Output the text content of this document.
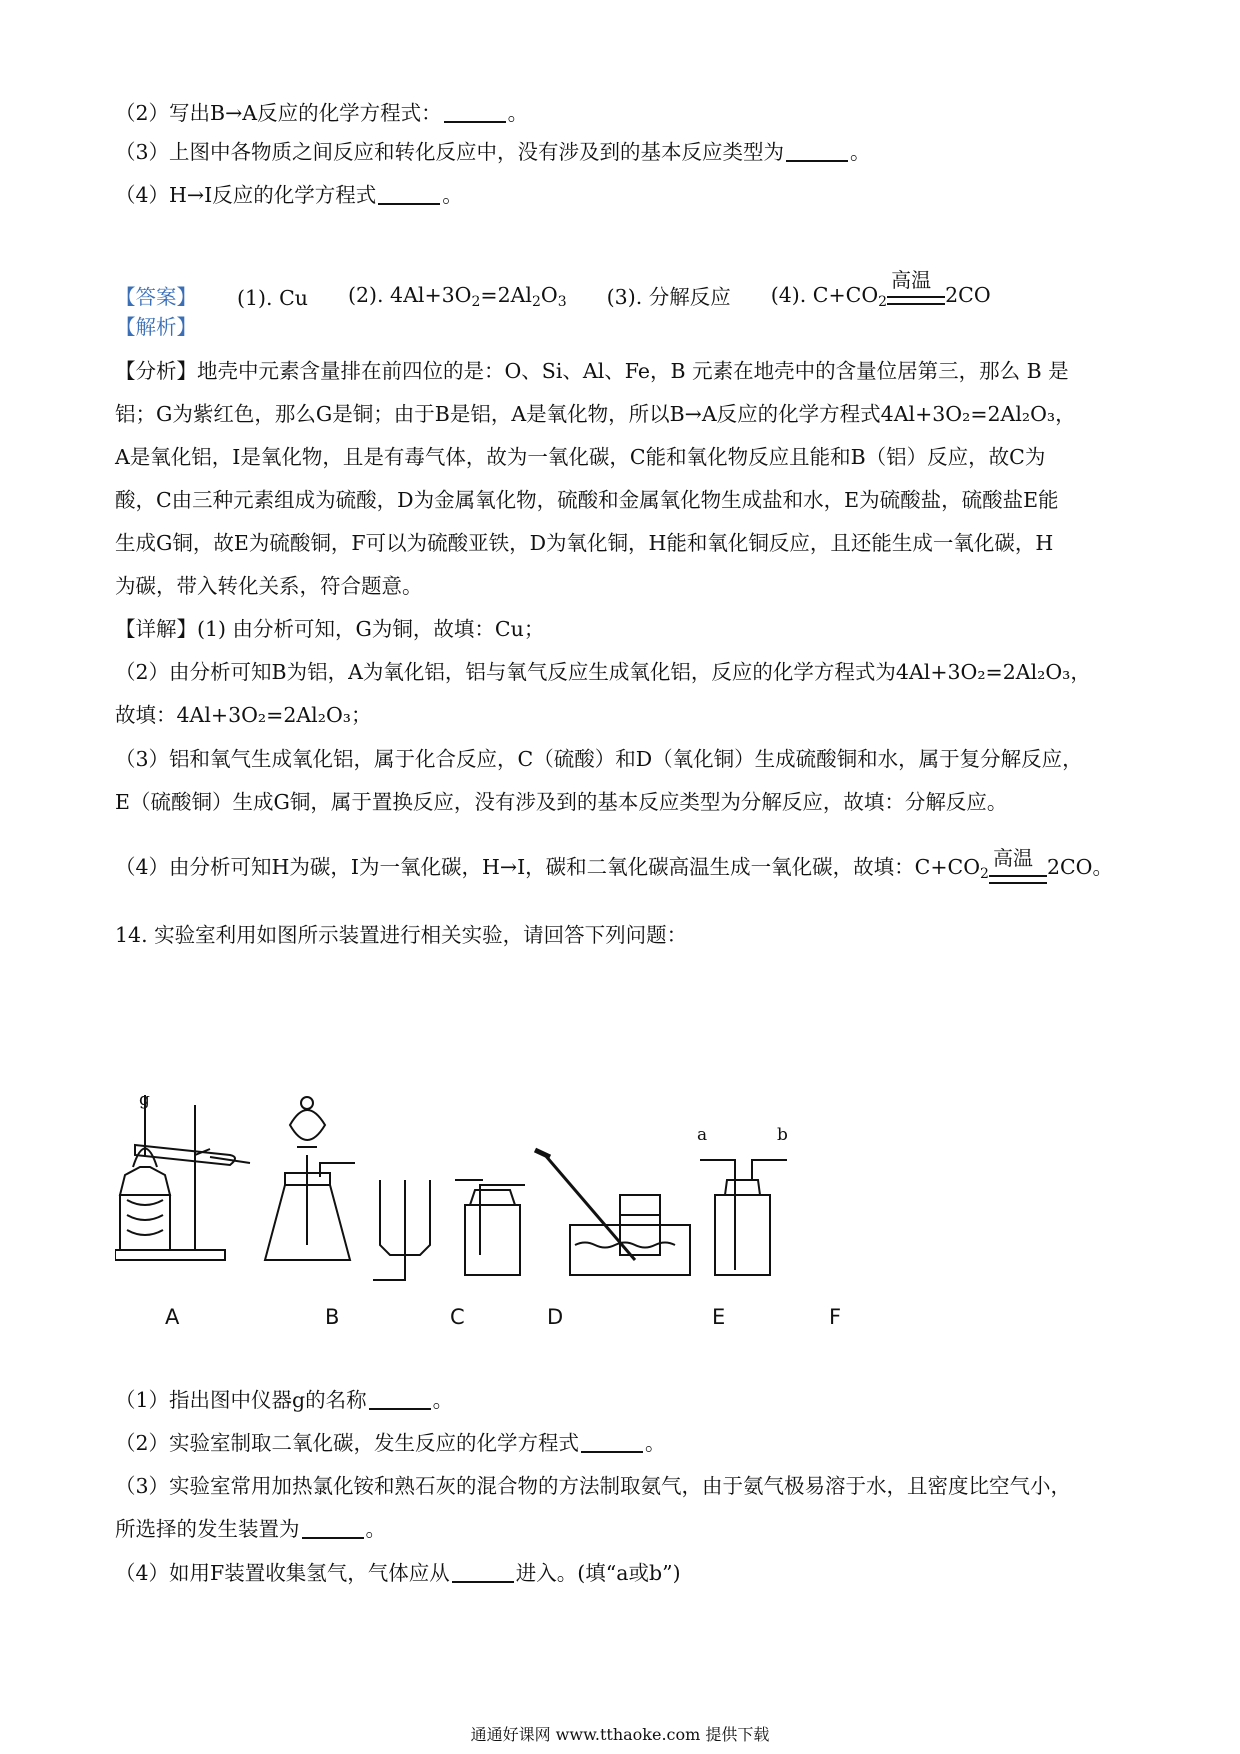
（2）写出B→A反应的化学方程式：	。
（3）上图中各物质之间反应和转化反应中，没有涉及到的基本反应类型为	。
（4）H→I反应的化学方程式	。
【答案】 (1). Cu (2). 4Al+3O2=2Al2O3 (3). 分解反应 (4). C+CO2
高温
2CO
【解析】
【分析】地壳中元素含量排在前四位的是：O、Si、Al、Fe，B 元素在地壳中的含量位居第三，那么 B 是
铝；G为紫红色，那么G是铜；由于B是铝，A是氧化物，所以B→A反应的化学方程式4Al+3O₂=2Al₂O₃，
A是氧化铝，I是氧化物，且是有毒气体，故为一氧化碳，C能和氧化物反应且能和B（铝）反应，故C为
酸，C由三种元素组成为硫酸，D为金属氧化物，硫酸和金属氧化物生成盐和水，E为硫酸盐，硫酸盐E能
生成G铜，故E为硫酸铜，F可以为硫酸亚铁，D为氧化铜，H能和氧化铜反应，且还能生成一氧化碳，H
为碳，带入转化关系，符合题意。
【详解】(1) 由分析可知，G为铜，故填：Cu；
（2）由分析可知B为铝，A为氧化铝，铝与氧气反应生成氧化铝，反应的化学方程式为4Al+3O₂=2Al₂O₃，
故填：4Al+3O₂=2Al₂O₃；
（3）铝和氧气生成氧化铝，属于化合反应，C（硫酸）和D（氧化铜）生成硫酸铜和水，属于复分解反应，
E（硫酸铜）生成G铜，属于置换反应，没有涉及到的基本反应类型为分解反应，故填：分解反应。
（4）由分析可知H为碳，I为一氧化碳，H→I，碳和二氧化碳高温生成一氧化碳，故填：C+CO2
高温 2CO。
14. 实验室利用如图所示装置进行相关实验，请回答下列问题：
g
a	b
A	B	C	D	E	F
（1）指出图中仪器g的名称	。
（2）实验室制取二氧化碳，发生反应的化学方程式	。
（3）实验室常用加热氯化铵和熟石灰的混合物的方法制取氨气，由于氨气极易溶于水，且密度比空气小，
所选择的发生装置为	。
（4）如用F装置收集氢气，气体应从	进入。(填“a或b”)
通通好课网 www.tthaoke.com 提供下载
